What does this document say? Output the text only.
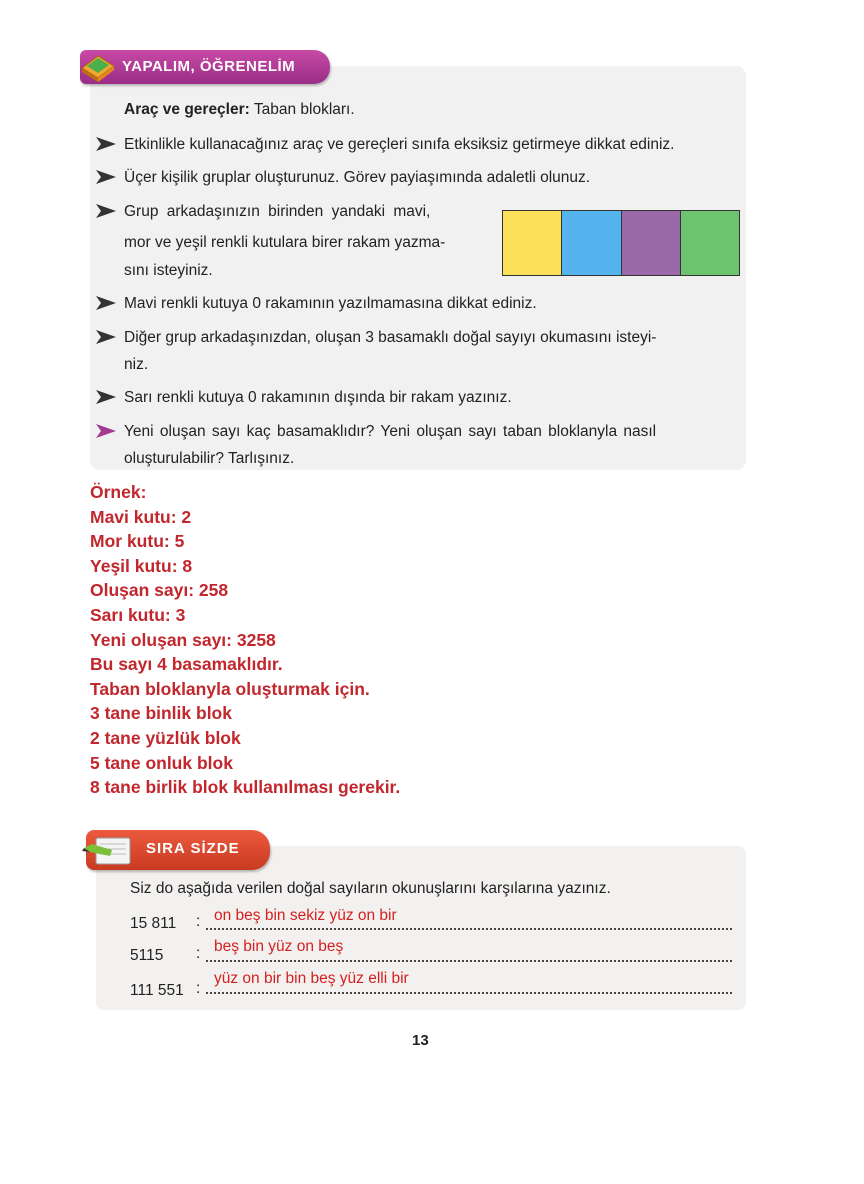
YAPALIM, ÖĞRENELİM
Araç ve gereçler: Taban blokları.
Etkinlikle kullanacağınız araç ve gereçleri sınıfa eksiksiz getirmeye dikkat ediniz.
Üçer kişilik gruplar oluşturunuz. Görev payiaşımında adaletli olunuz.
Grup arkadaşınızın birinden yandaki mavi,
mor ve yeşil renkli kutulara birer rakam yazma-
sını isteyiniz.
Mavi renkli kutuya 0 rakamının yazılmamasına dikkat ediniz.
Diğer grup arkadaşınızdan, oluşan 3 basamaklı doğal sayıyı okumasını isteyi-
niz.
Sarı renkli kutuya 0 rakamının dışında bir rakam yazınız.
Yeni oluşan sayı kaç basamaklıdır? Yeni oluşan sayı taban bloklanyla nasıl
oluşturulabilir? Tarlışınız.
Örnek:
Mavi kutu: 2
Mor kutu: 5
Yeşil kutu: 8
Oluşan sayı: 258
Sarı kutu: 3
Yeni oluşan sayı: 3258
Bu sayı 4 basamaklıdır.
Taban bloklanyla oluşturmak için.
3 tane binlik blok
2 tane yüzlük blok
5 tane onluk blok
8 tane birlik blok kullanılması gerekir.
SIRA SİZDE
Siz do aşağıda verilen doğal sayıların okunuşlarını karşılarına yazınız.
15 811 : on beş bin sekiz yüz on bir
5115 : beş bin yüz on beş
111 551 :
yüz on bir bin beş yüz elli bir
13
